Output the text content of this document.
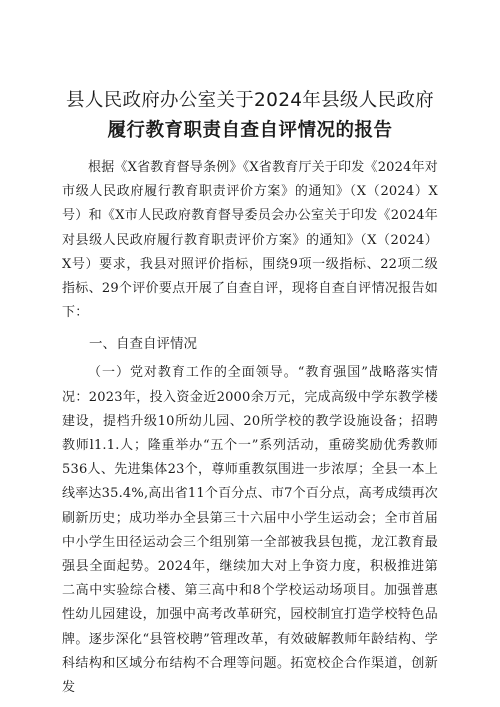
县人民政府办公室关于2024年县级人民政府
履行教育职责自查自评情况的报告

根据《X省教育督导条例》《X省教育厅关于印发《2024年对市级人民政府履行教育职责评价方案》的通知》（X（2024）X号）和《X市人民政府教育督导委员会办公室关于印发《2024年对县级人民政府履行教育职责评价方案》的通知》（X（2024）X号）要求，我县对照评价指标，围绕9项一级指标、22项二级指标、29个评价要点开展了自查自评，现将自查自评情况报告如下：

一、自查自评情况

（一）党对教育工作的全面领导。“教育强国”战略落实情况：2023年，投入资金近2000余万元，完成高级中学东教学楼建设，提档升级10所幼儿园、20所学校的教学设施设备；招聘教师l1.1.人；隆重举办“五个一”系列活动，重磅奖励优秀教师536人、先进集体23个，尊师重教氛围进一步浓厚；全县一本上线率达35.4%,高出省11个百分点、市7个百分点，高考成绩再次刷新历史；成功举办全县第三十六届中小学生运动会；全市首届中小学生田径运动会三个组别第一全部被我县包揽，龙江教育最强县全面起势。2024年，继续加大对上争资力度，积极推进第二高中实验综合楼、第三高中和8个学校运动场项目。加强普惠性幼儿园建设，加强中高考改革研究，园校制宜打造学校特色品牌。逐步深化“县管校聘”管理改革，有效破解教师年龄结构、学科结构和区域分布结构不合理等问题。拓宽校企合作渠道，创新发
